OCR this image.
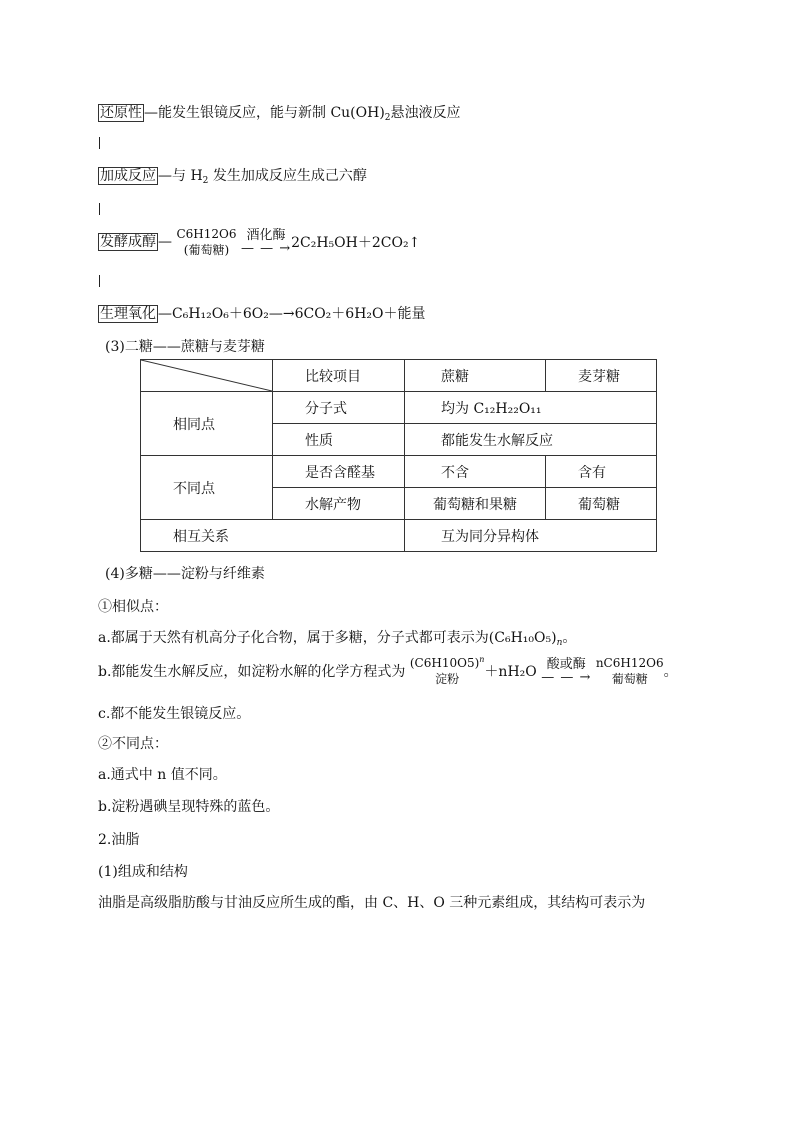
还原性 —能发生银镜反应，能与新制 $Cu(OH)_2$悬浊液反应
加成反应 —与 $H_2$ 发生加成反应生成己六醇
发酵成醇 — C6H12O6
(葡萄糖)

酒化酶
— — → 2C₂H₅OH＋2CO₂↑
生理氧化 —C₆H₁₂O₆＋6O₂—→6CO₂＋6H₂O＋能量
(3)二糖——蔗糖与麦芽糖
	比较项目	蔗糖	麦芽糖
相同点	分子式	均为 C₁₂H₂₂O₁₁	
	性质	都能发生水解反应	
不同点	是否含醛基	不含	含有
	水解产物	葡萄糖和果糖	葡萄糖
相互关系		互为同分异构体	
(4)多糖——淀粉与纤维素
①相似点：
a.都属于天然有机高分子化合物，属于多糖，分子式都可表示为$(C_6H_{10}O_5)_n$。
b.都能发生水解反应，如淀粉水解的化学方程式为
$(C6H10O5)^n$
淀粉	＋nH₂O 酸或酶
— — →

nC6H12O6
葡萄糖	。
c.都不能发生银镜反应。
②不同点：
a.通式中 n 值不同。
b.淀粉遇碘呈现特殊的蓝色。
2.油脂
(1)组成和结构
油脂是高级脂肪酸与甘油反应所生成的酯，由 C、H、O 三种元素组成，其结构可表示为
